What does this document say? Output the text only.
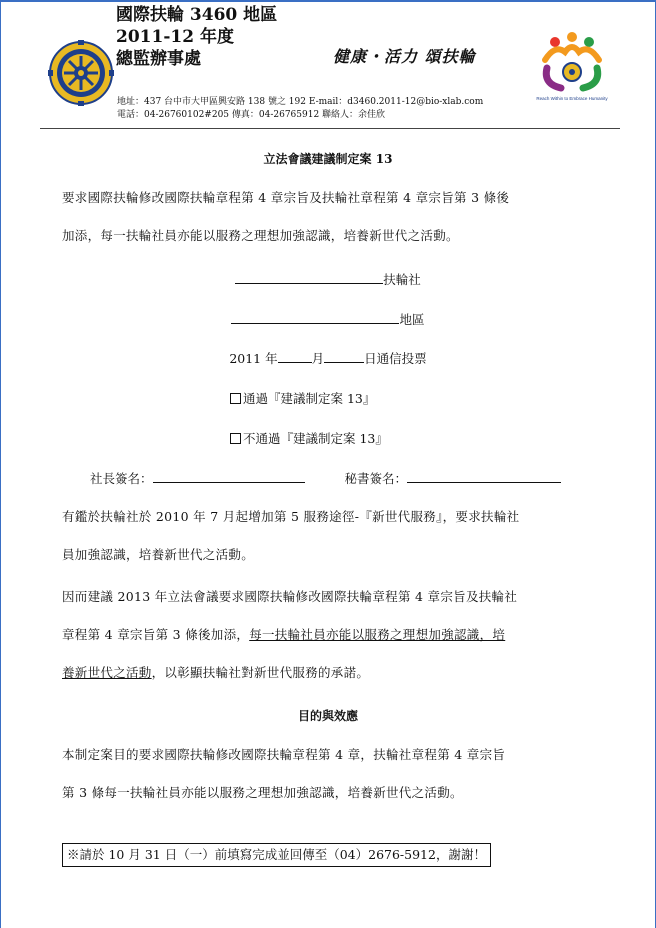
國際扶輪 3460 地區
2011-12 年度
總監辦事處	健康・活力 頌扶輪
Reach Within to Embrace Humanity
地址：437 台中市大甲區興安路 138 號之 192 E-mail：d3460.2011-12@bio-xlab.com
電話：04-26760102#205 傳真：04-26765912 聯絡人：余佳欣
立法會議建議制定案 13
要求國際扶輪修改國際扶輪章程第 4 章宗旨及扶輪社章程第 4 章宗旨第 3 條後
加添，每一扶輪社員亦能以服務之理想加強認識，培養新世代之活動。
扶輪社
地區
2011 年	月	日通信投票
通過『建議制定案 13』
不通過『建議制定案 13』
社長簽名：	秘書簽名：
有鑑於扶輪社於 2010 年 7 月起增加第 5 服務途徑-『新世代服務』，要求扶輪社
員加強認識，培養新世代之活動。
因而建議 2013 年立法會議要求國際扶輪修改國際扶輪章程第 4 章宗旨及扶輪社
章程第 4 章宗旨第 3 條後加添，每一扶輪社員亦能以服務之理想加強認識，培
養新世代之活動，以彰顯扶輪社對新世代服務的承諾。
目的與效應
本制定案目的要求國際扶輪修改國際扶輪章程第 4 章，扶輪社章程第 4 章宗旨
第 3 條每一扶輪社員亦能以服務之理想加強認識，培養新世代之活動。
※請於 10 月 31 日（一）前填寫完成並回傳至（04）2676-5912，謝謝！
